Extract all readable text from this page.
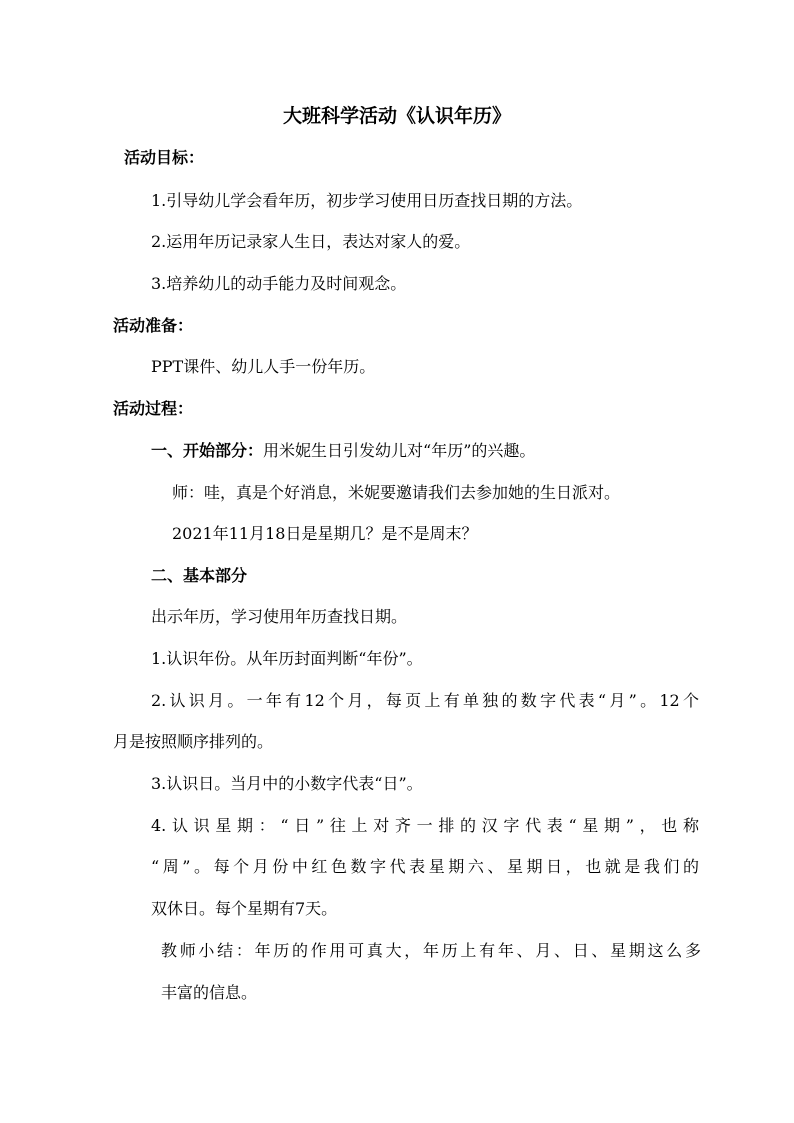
大班科学活动《认识年历》
活动目标：
1.引导幼儿学会看年历，初步学习使用日历查找日期的方法。
2.运用年历记录家人生日，表达对家人的爱。
3.培养幼儿的动手能力及时间观念。
活动准备：
PPT课件、幼儿人手一份年历。
活动过程：
一、开始部分：用米妮生日引发幼儿对“年历”的兴趣。
师：哇，真是个好消息，米妮要邀请我们去参加她的生日派对。
2021年11月18日是星期几？是不是周末？
二、基本部分
出示年历，学习使用年历查找日期。
1.认识年份。从年历封面判断“年份”。
2.认识月。一年有12个月，每页上有单独的数字代表“月”。12个
月是按照顺序排列的。
3.认识日。当月中的小数字代表“日”。
4.认识星期：“日”往上对齐一排的汉字代表“星期”，也称
“周”。每个月份中红色数字代表星期六、星期日，也就是我们的
双休日。每个星期有7天。
教师小结：年历的作用可真大，年历上有年、月、日、星期这么多
丰富的信息。
